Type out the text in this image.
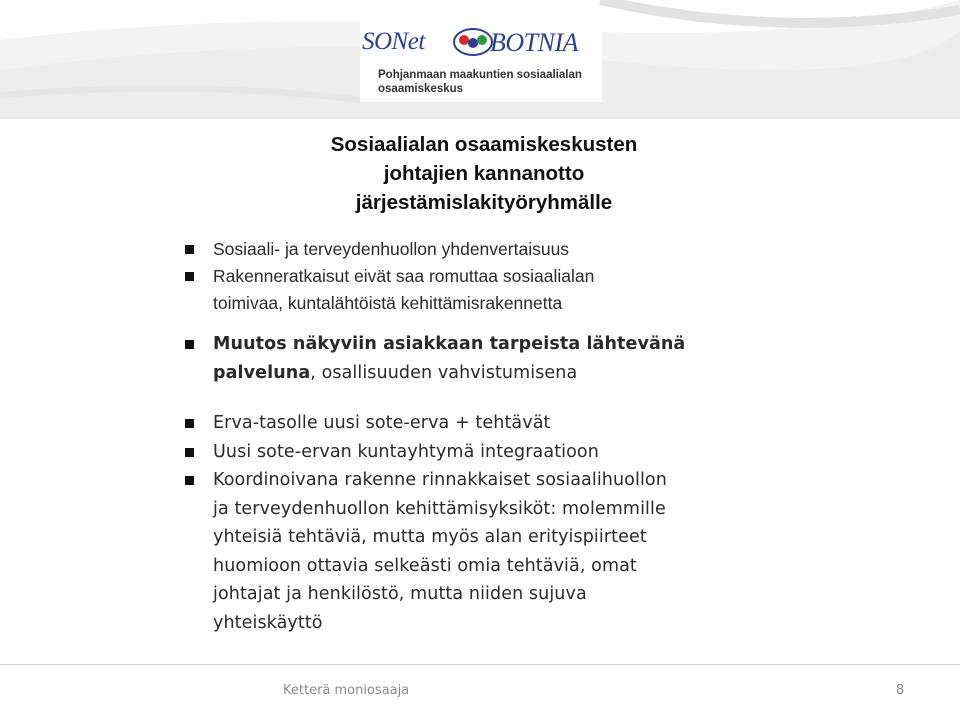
SONet	BOTNIA
Pohjanmaan maakuntien sosiaalialan
osaamiskeskus
Sosiaalialan osaamiskeskusten
johtajien kannanotto
järjestämislakityöryhmälle
Sosiaali- ja terveydenhuollon yhdenvertaisuus
Rakenneratkaisut eivät saa romuttaa sosiaalialan
toimivaa, kuntalähtöistä kehittämisrakennetta
Muutos näkyviin asiakkaan tarpeista lähtevänä
palveluna, osallisuuden vahvistumisena
Erva-tasolle uusi sote-erva + tehtävät
Uusi sote-ervan kuntayhtymä integraatioon
Koordinoivana rakenne rinnakkaiset sosiaalihuollon
ja terveydenhuollon kehittämisyksiköt: molemmille
yhteisiä tehtäviä, mutta myös alan erityispiirteet
huomioon ottavia selkeästi omia tehtäviä, omat
johtajat ja henkilöstö, mutta niiden sujuva
yhteiskäyttö
Ketterä moniosaaja	8
